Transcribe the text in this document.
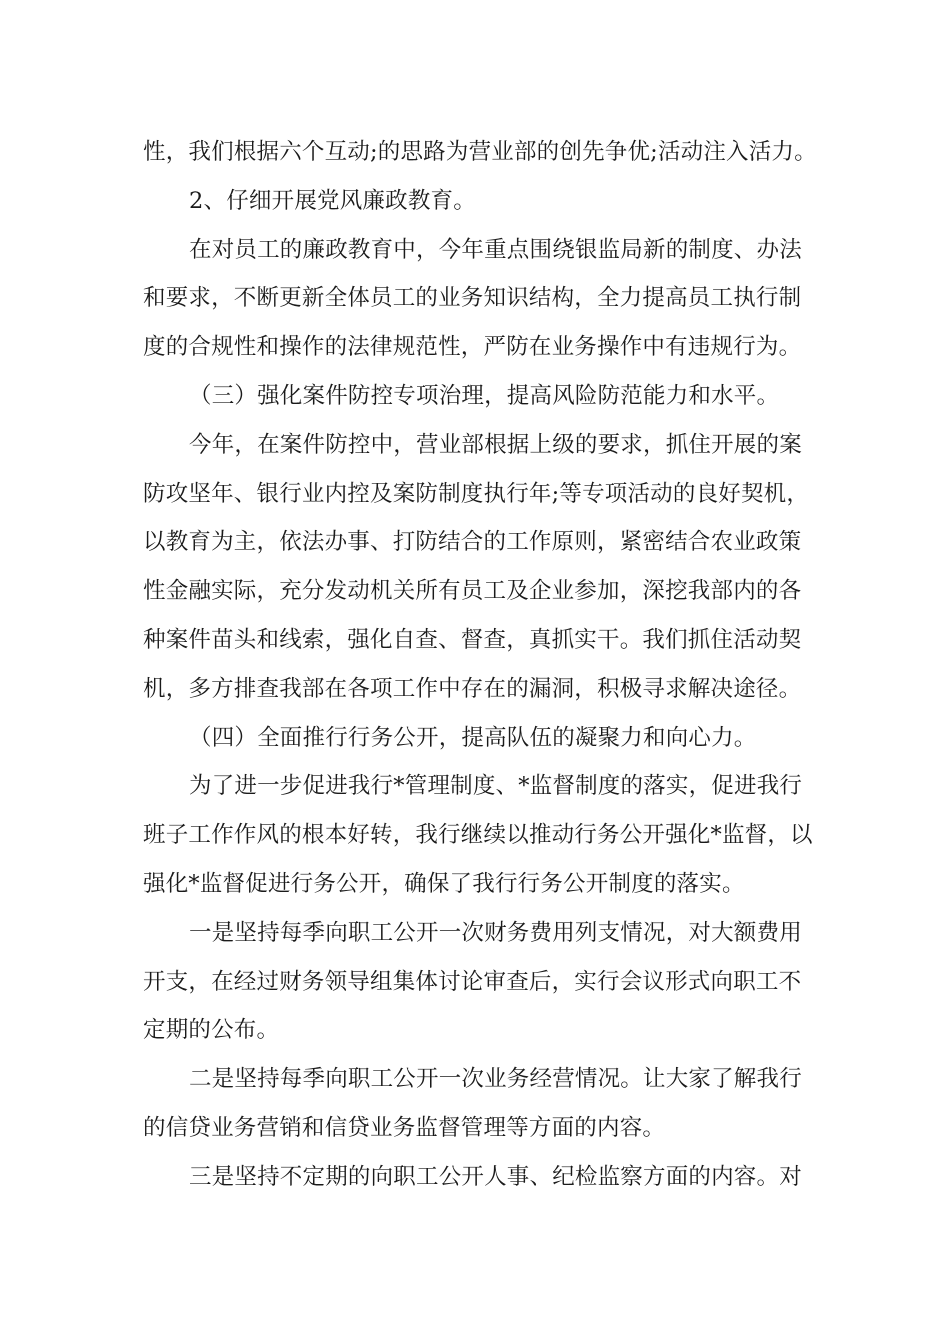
性，我们根据六个互动;的思路为营业部的创先争优;活动注入活力。
2、仔细开展党风廉政教育。
在对员工的廉政教育中，今年重点围绕银监局新的制度、办法
和要求，不断更新全体员工的业务知识结构，全力提高员工执行制
度的合规性和操作的法律规范性，严防在业务操作中有违规行为。
（三）强化案件防控专项治理，提高风险防范能力和水平。
今年，在案件防控中，营业部根据上级的要求，抓住开展的案
防攻坚年、银行业内控及案防制度执行年;等专项活动的良好契机，
以教育为主，依法办事、打防结合的工作原则，紧密结合农业政策
性金融实际，充分发动机关所有员工及企业参加，深挖我部内的各
种案件苗头和线索，强化自查、督查，真抓实干。我们抓住活动契
机，多方排查我部在各项工作中存在的漏洞，积极寻求解决途径。
（四）全面推行行务公开，提高队伍的凝聚力和向心力。
为了进一步促进我行*管理制度、*监督制度的落实，促进我行
班子工作作风的根本好转，我行继续以推动行务公开强化*监督，以
强化*监督促进行务公开，确保了我行行务公开制度的落实。
一是坚持每季向职工公开一次财务费用列支情况，对大额费用
开支，在经过财务领导组集体讨论审查后，实行会议形式向职工不
定期的公布。
二是坚持每季向职工公开一次业务经营情况。让大家了解我行
的信贷业务营销和信贷业务监督管理等方面的内容。
三是坚持不定期的向职工公开人事、纪检监察方面的内容。对
